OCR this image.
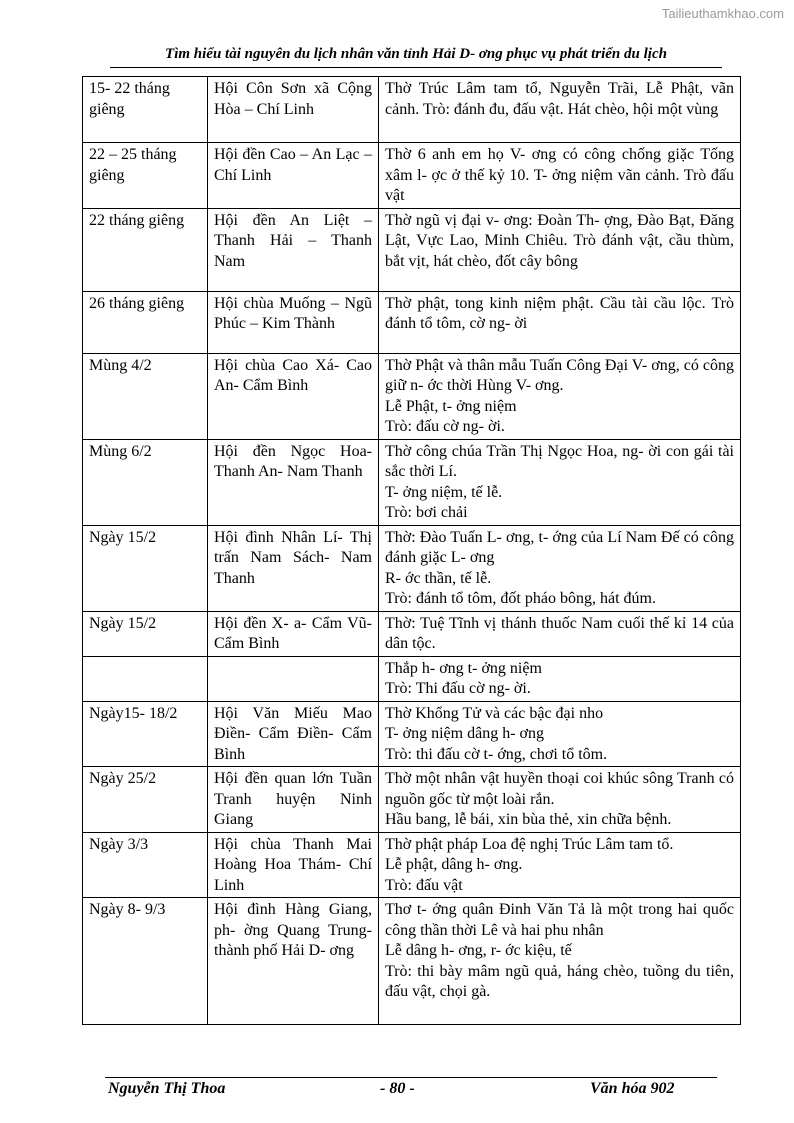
Tailieuthamkhao.com
Tìm hiểu tài nguyên du lịch nhân văn tỉnh Hải D- ơng phục vụ phát triển du lịch
15- 22 tháng giêng	Hội Côn Sơn xã Cộng Hòa – Chí Linh	Thờ Trúc Lâm tam tổ, Nguyễn Trãi, Lễ Phật, vãn cảnh. Trò: đánh đu, đấu vật. Hát chèo, hội một vùng

22 – 25 tháng giêng	Hội đền Cao – An Lạc – Chí Linh	Thờ 6 anh em họ V- ơng có công chống giặc Tống xâm l- ợc ở thế kỷ 10. T- ởng niệm vãn cảnh. Trò đấu vật

22 tháng giêng	Hội đền An Liệt – Thanh Hải – Thanh Nam	Thờ ngũ vị đại v- ơng: Đoàn Th- ợng, Đào Bạt, Đăng Lật, Vực Lao, Minh Chiêu. Trò đánh vật, cầu thùm, bắt vịt, hát chèo, đốt cây bông

26 tháng giêng	Hội chùa Muống – Ngũ Phúc – Kim Thành	Thờ phật, tong kinh niệm phật. Cầu tài cầu lộc. Trò đánh tổ tôm, cờ ng- ời

Mùng 4/2	Hội chùa Cao Xá- Cao An- Cẩm Bình	Thờ Phật và thân mẫu Tuấn Công Đại V- ơng, có công giữ n- ớc thời Hùng V- ơng.
Lễ Phật, t- ởng niệm
Trò: đấu cờ ng- ời.

Mùng 6/2	Hội đền Ngọc Hoa- Thanh An- Nam Thanh	Thờ công chúa Trần Thị Ngọc Hoa, ng- ời con gái tài sắc thời Lí.
T- ởng niệm, tế lễ.
Trò: bơi chải

Ngày 15/2	Hội đình Nhân Lí- Thị trấn Nam Sách- Nam Thanh	Thờ: Đào Tuấn L- ơng, t- ớng của Lí Nam Đế có công đánh giặc L- ơng
R- ớc thần, tế lễ.
Trò: đánh tổ tôm, đốt pháo bông, hát đúm.

Ngày 15/2	Hội đền X- a- Cẩm Vũ- Cẩm Bình	Thờ: Tuệ Tĩnh vị thánh thuốc Nam cuối thế kỉ 14 của dân tộc.

		Thắp h- ơng t- ởng niệm
Trò: Thi đấu cờ ng- ời.

Ngày15- 18/2	Hội Văn Miếu Mao Điền- Cẩm Điền- Cẩm Bình	Thờ Khổng Tử và các bậc đại nho
T- ởng niệm dâng h- ơng
Trò: thi đấu cờ t- ớng, chơi tổ tôm.

Ngày 25/2	Hội đền quan lớn Tuần Tranh huyện Ninh Giang	Thờ một nhân vật huyền thoại coi khúc sông Tranh có nguồn gốc từ một loài rắn.
Hầu bang, lễ bái, xin bùa thẻ, xin chữa bệnh.

Ngày 3/3	Hội chùa Thanh Mai Hoàng Hoa Thám- Chí Linh	Thờ phật pháp Loa đệ nghị Trúc Lâm tam tổ.
Lễ phật, dâng h- ơng.
Trò: đấu vật

Ngày 8- 9/3	Hội đình Hàng Giang, ph- ờng Quang Trung- thành phố Hải D- ơng	Thơ t- ớng quân Đinh Văn Tả là một trong hai quốc công thần thời Lê và hai phu nhân
Lễ dâng h- ơng, r- ớc kiệu, tế
Trò: thi bày mâm ngũ quả, háng chèo, tuồng du tiên, đấu vật, chọi gà.
Nguyễn Thị Thoa	- 80 -	Văn hóa 902
